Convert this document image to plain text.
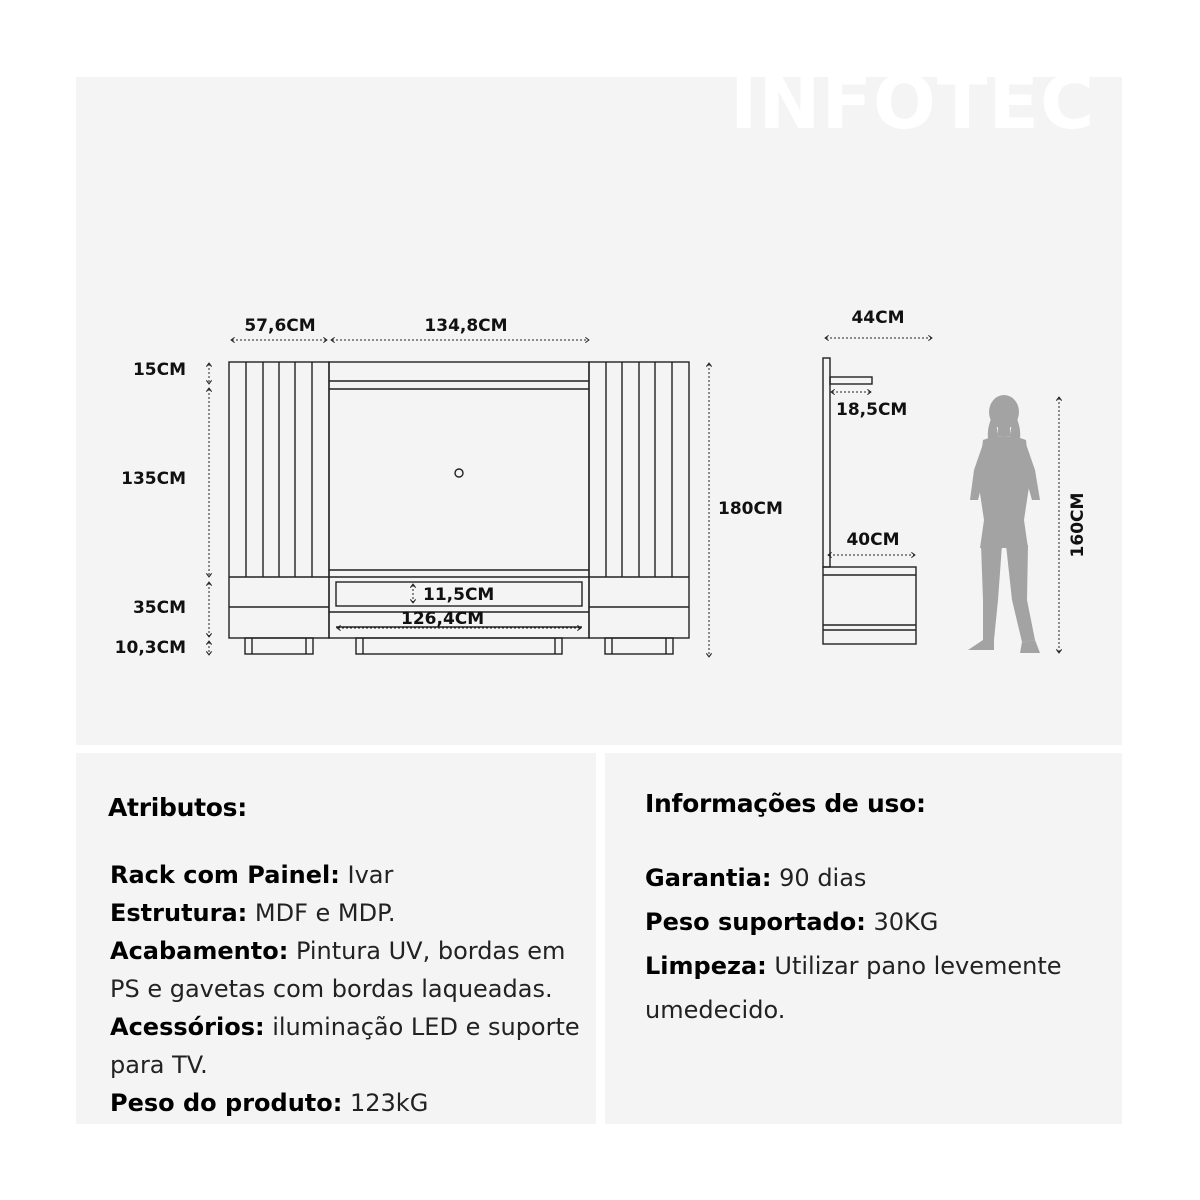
INFOTEC
57,6CM	134,8CM
15CM
135CM
35CM
10,3CM
180CM
11,5CM
126,4CM
44CM
18,5CM
40CM	160CM
Atributos:

Rack com Painel: Ivar

Estrutura: MDF e MDP.

Acabamento: Pintura UV, bordas em PS e gavetas com bordas laqueadas.

Acessórios: iluminação LED e suporte para TV.

Peso do produto: 123kG

Informações de uso:

Garantia: 90 dias

Peso suportado: 30KG

Limpeza: Utilizar pano levemente umedecido.
